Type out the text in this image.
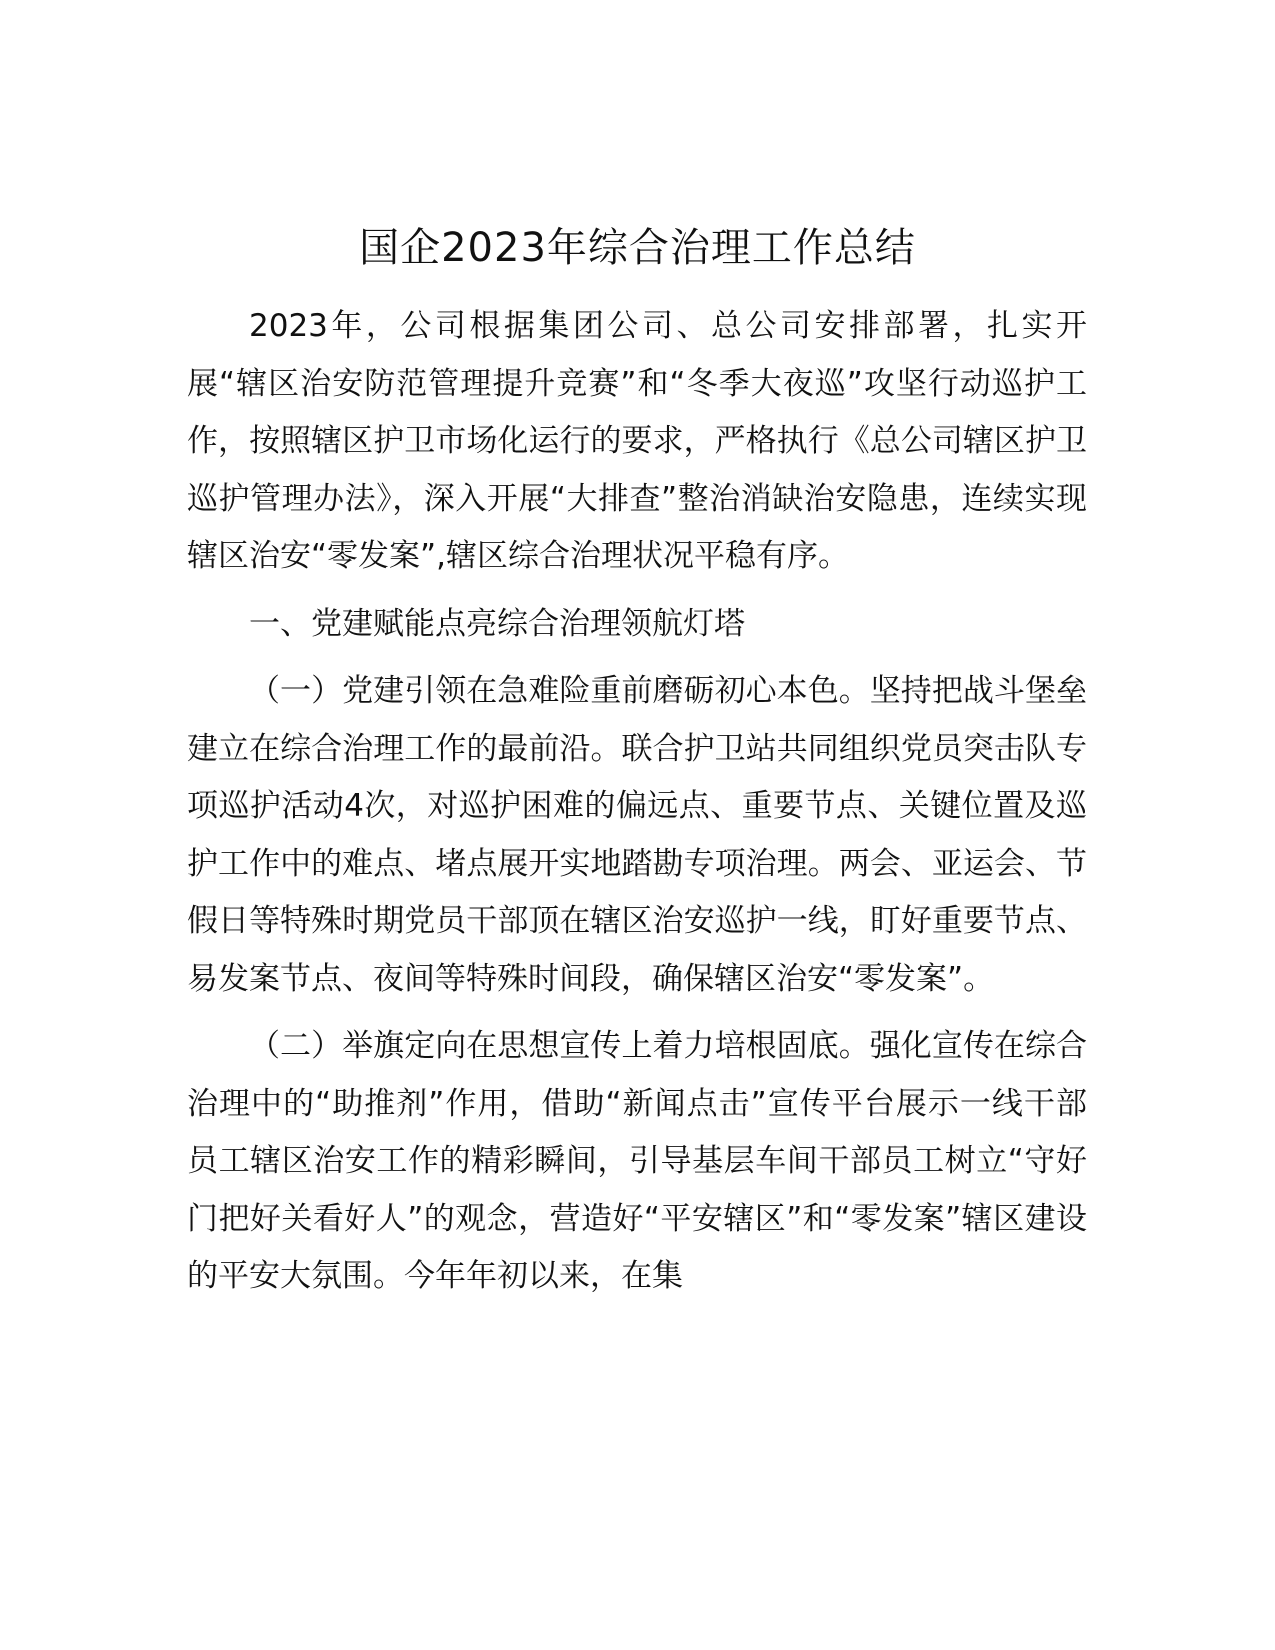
国企2023年综合治理工作总结

2023年，公司根据集团公司、总公司安排部署，扎实开展“辖区治安防范管理提升竞赛”和“冬季大夜巡”攻坚行动巡护工作，按照辖区护卫市场化运行的要求，严格执行《总公司辖区护卫巡护管理办法》，深入开展“大排查”整治消缺治安隐患，连续实现辖区治安“零发案”,辖区综合治理状况平稳有序。

一、党建赋能点亮综合治理领航灯塔

（一）党建引领在急难险重前磨砺初心本色。坚持把战斗堡垒建立在综合治理工作的最前沿。联合护卫站共同组织党员突击队专项巡护活动4次，对巡护困难的偏远点、重要节点、关键位置及巡护工作中的难点、堵点展开实地踏勘专项治理。两会、亚运会、节假日等特殊时期党员干部顶在辖区治安巡护一线，盯好重要节点、易发案节点、夜间等特殊时间段，确保辖区治安“零发案”。

（二）举旗定向在思想宣传上着力培根固底。强化宣传在综合治理中的“助推剂”作用，借助“新闻点击”宣传平台展示一线干部员工辖区治安工作的精彩瞬间，引导基层车间干部员工树立“守好门把好关看好人”的观念，营造好“平安辖区”和“零发案”辖区建设的平安大氛围。今年年初以来，在集
